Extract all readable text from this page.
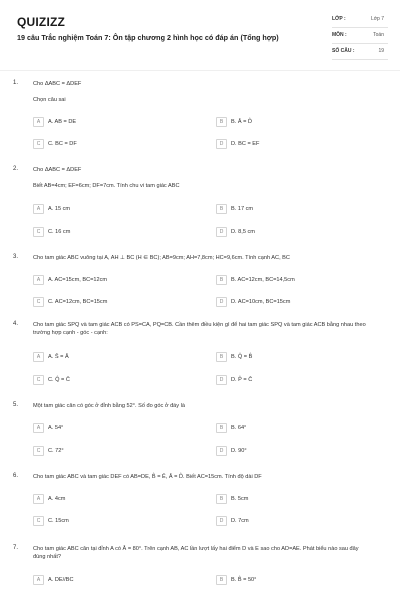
QUIZIZZ
19 câu Trắc nghiệm Toán 7: Ôn tập chương 2 hình học có đáp án (Tổng hợp)
LỚP :	Lớp 7
MÔN :	Toán
SỐ CÂU :	19
1.	Cho ΔABC = ΔDEF
Chọn câu sai
A	A. AB = DE	B	B. Â = D̂
C	C. BC = DF	D	D. BC = EF
2.	Cho ΔABC = ΔDEF
Biết AB=4cm; EF=6cm; DF=7cm. Tính chu vi tam giác ABC
A	A. 15 cm	B	B. 17 cm
C	C. 16 cm	D	D. 8,5 cm
3.	Cho tam giác ABC vuông tại A, AH ⊥ BC (H ∈ BC); AB=9cm; AH=7,8cm; HC=9,6cm. Tính cạnh AC, BC
A	A. AC=15cm, BC=12cm	B	B. AC=12cm, BC=14,5cm
C	C. AC=12cm, BC=15cm	D	D. AC=10cm, BC=15cm
4.	Cho tam giác SPQ và tam giác ACB có PS=CA, PQ=CB. Cần thêm điều kiện gì để hai tam giác SPQ và tam giác ACB bằng nhau theo trường hợp cạnh - góc - cạnh:
A	A. Ŝ = Â	B	B. Q̂ = B̂
C	C. Q̂ = Ĉ	D	D. P̂ = Ĉ
5.	Một tam giác cân có góc ở đỉnh bằng 52°. Số đo góc ở đáy là
A	A. 54°	B	B. 64°
C	C. 72°	D	D. 90°
6.	Cho tam giác ABC và tam giác DEF có AB=DE, B̂ = Ê, Â = D̂. Biết AC=15cm. Tính độ dài DF
A	A. 4cm	B	B. 5cm
C	C. 15cm	D	D. 7cm
7.	Cho tam giác ABC cân tại đỉnh A có Â = 80°. Trên cạnh AB, AC lần lượt lấy hai điểm D và E sao cho AD=AE. Phát biểu nào sau đây đúng nhất?
A	A. DE//BC	B	B. B̂ = 50°
